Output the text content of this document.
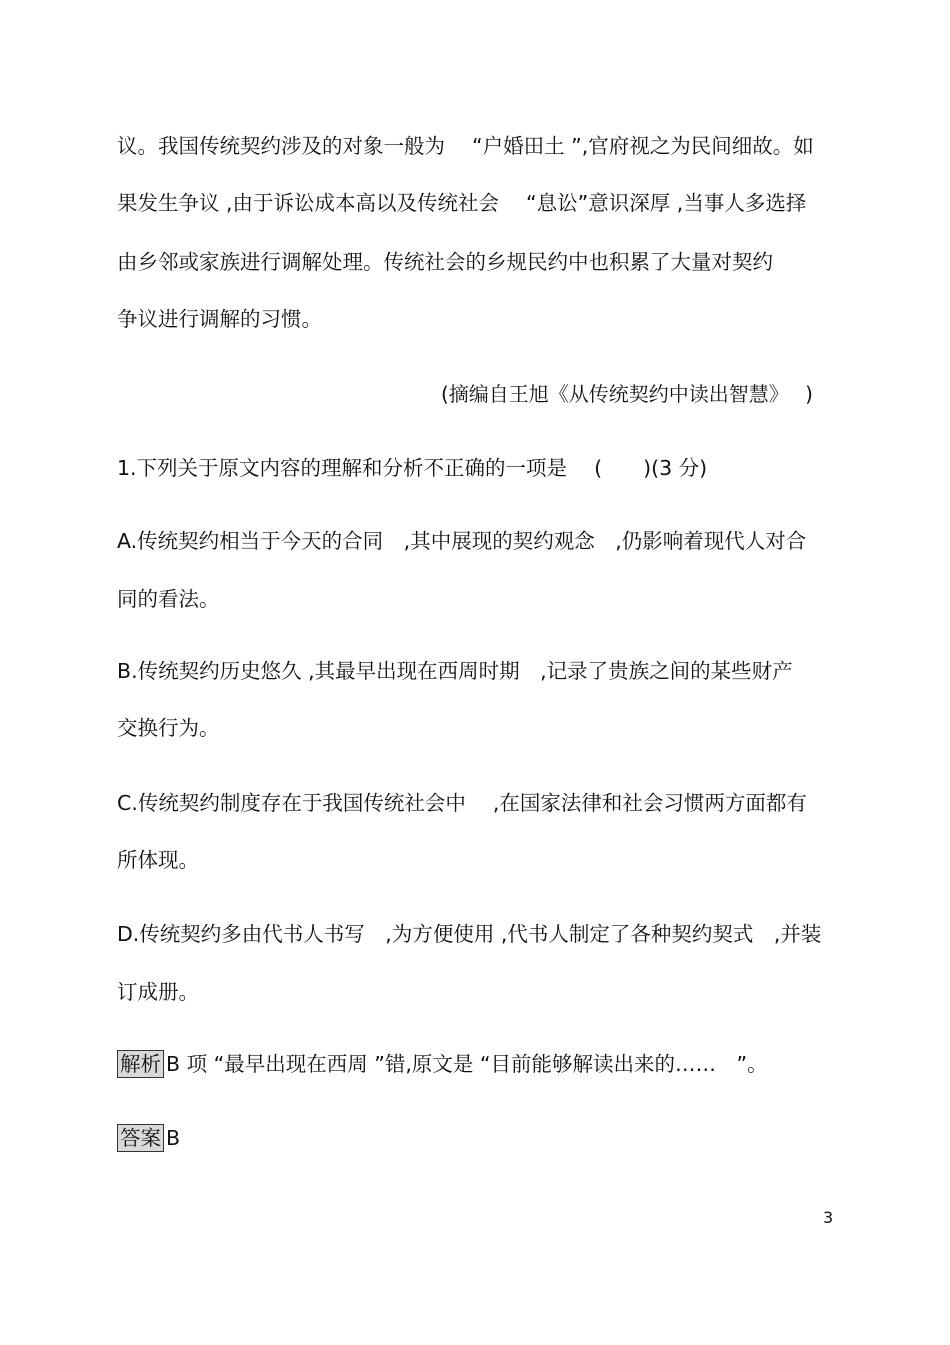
议。我国传统契约涉及的对象一般为　 “户婚田土 ”,官府视之为民间细故。如

果发生争议 ,由于诉讼成本高以及传统社会　 “息讼”意识深厚 ,当事人多选择

由乡邻或家族进行调解处理。传统社会的乡规民约中也积累了大量对契约

争议进行调解的习惯。

(摘编自王旭《从传统契约中读出智慧》　 )

1.下列关于原文内容的理解和分析不正确的一项是　 (　　)(3 分)

A.传统契约相当于今天的合同　,其中展现的契约观念　,仍影响着现代人对合

同的看法。

B.传统契约历史悠久 ,其最早出现在西周时期　,记录了贵族之间的某些财产

交换行为。

C.传统契约制度存在于我国传统社会中　 ,在国家法律和社会习惯两方面都有

所体现。

D.传统契约多由代书人书写　,为方便使用 ,代书人制定了各种契约契式　,并装

订成册。

解析 B 项 “最早出现在西周 ”错,原文是 “目前能够解读出来的……　”。

答案 B

3
